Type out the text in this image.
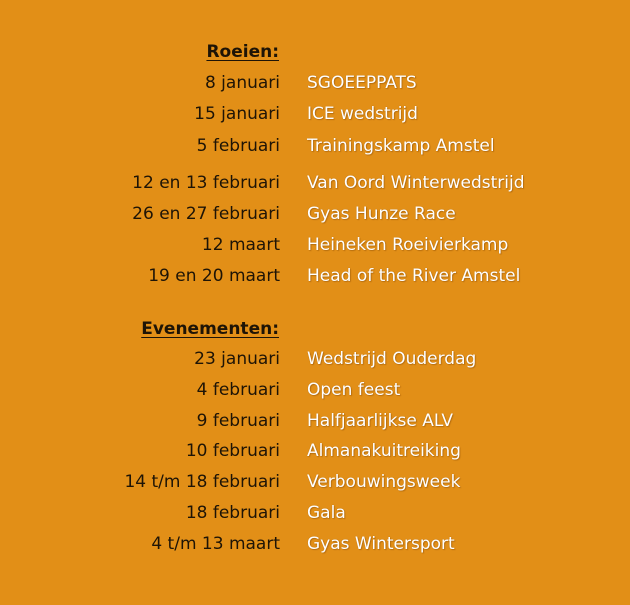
Roeien:
8 januari SGOEEPPATS
15 januari ICE wedstrijd
5 februari Trainingskamp Amstel
12 en 13 februari Van Oord Winterwedstrijd
26 en 27 februari Gyas Hunze Race
12 maart Heineken Roeivierkamp
19 en 20 maart Head of the River Amstel
Evenementen:
23 januari Wedstrijd Ouderdag
4 februari Open feest
9 februari Halfjaarlijkse ALV
10 februari Almanakuitreiking
14 t/m 18 februari Verbouwingsweek
18 februari Gala
4 t/m 13 maart Gyas Wintersport
